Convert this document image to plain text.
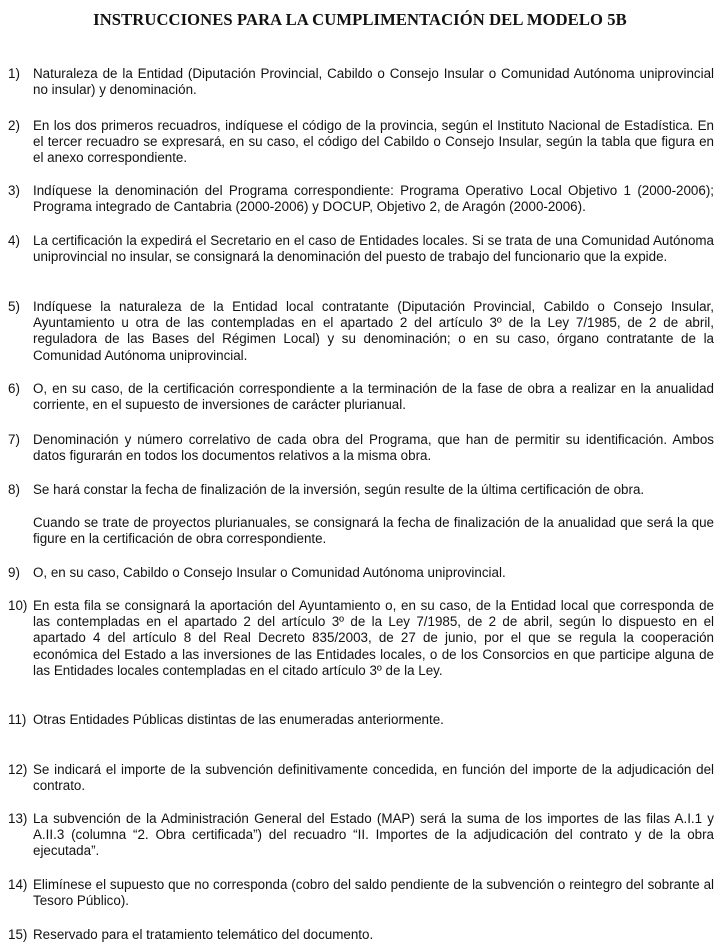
INSTRUCCIONES PARA LA CUMPLIMENTACIÓN DEL MODELO 5B
1) Naturaleza de la Entidad (Diputación Provincial, Cabildo o Consejo Insular o Comunidad Autónoma uniprovincial no insular) y denominación.
2) En los dos primeros recuadros, indíquese el código de la provincia, según el Instituto Nacional de Estadística. En el tercer recuadro se expresará, en su caso, el código del Cabildo o Consejo Insular, según la tabla que figura en el anexo correspondiente.
3) Indíquese la denominación del Programa correspondiente: Programa Operativo Local Objetivo 1 (2000-2006); Programa integrado de Cantabria (2000-2006) y DOCUP, Objetivo 2, de Aragón (2000-2006).
4) La certificación la expedirá el Secretario en el caso de Entidades locales. Si se trata de una Comunidad Autónoma uniprovincial no insular, se consignará la denominación del puesto de trabajo del funcionario que la expide.
5) Indíquese la naturaleza de la Entidad local contratante (Diputación Provincial, Cabildo o Consejo Insular, Ayuntamiento u otra de las contempladas en el apartado 2 del artículo 3º de la Ley 7/1985, de 2 de abril, reguladora de las Bases del Régimen Local) y su denominación; o en su caso, órgano contratante de la Comunidad Autónoma uniprovincial.
6) O, en su caso, de la certificación correspondiente a la terminación de la fase de obra a realizar en la anualidad corriente, en el supuesto de inversiones de carácter plurianual.
7) Denominación y número correlativo de cada obra del Programa, que han de permitir su identificación. Ambos datos figurarán en todos los documentos relativos a la misma obra.
8) Se hará constar la fecha de finalización de la inversión, según resulte de la última certificación de obra.
Cuando se trate de proyectos plurianuales, se consignará la fecha de finalización de la anualidad que será la que figure en la certificación de obra correspondiente.
9) O, en su caso, Cabildo o Consejo Insular o Comunidad Autónoma uniprovincial.
10) En esta fila se consignará la aportación del Ayuntamiento o, en su caso, de la Entidad local que corresponda de las contempladas en el apartado 2 del artículo 3º de la Ley 7/1985, de 2 de abril, según lo dispuesto en el apartado 4 del artículo 8 del Real Decreto 835/2003, de 27 de junio, por el que se regula la cooperación económica del Estado a las inversiones de las Entidades locales, o de los Consorcios en que participe alguna de las Entidades locales contempladas en el citado artículo 3º de la Ley.
11) Otras Entidades Públicas distintas de las enumeradas anteriormente.
12) Se indicará el importe de la subvención definitivamente concedida, en función del importe de la adjudicación del contrato.
13) La subvención de la Administración General del Estado (MAP) será la suma de los importes de las filas A.I.1 y A.II.3 (columna “2. Obra certificada”) del recuadro “II. Importes de la adjudicación del contrato y de la obra ejecutada”.
14) Elimínese el supuesto que no corresponda (cobro del saldo pendiente de la subvención o reintegro del sobrante al Tesoro Público).
15) Reservado para el tratamiento telemático del documento.
